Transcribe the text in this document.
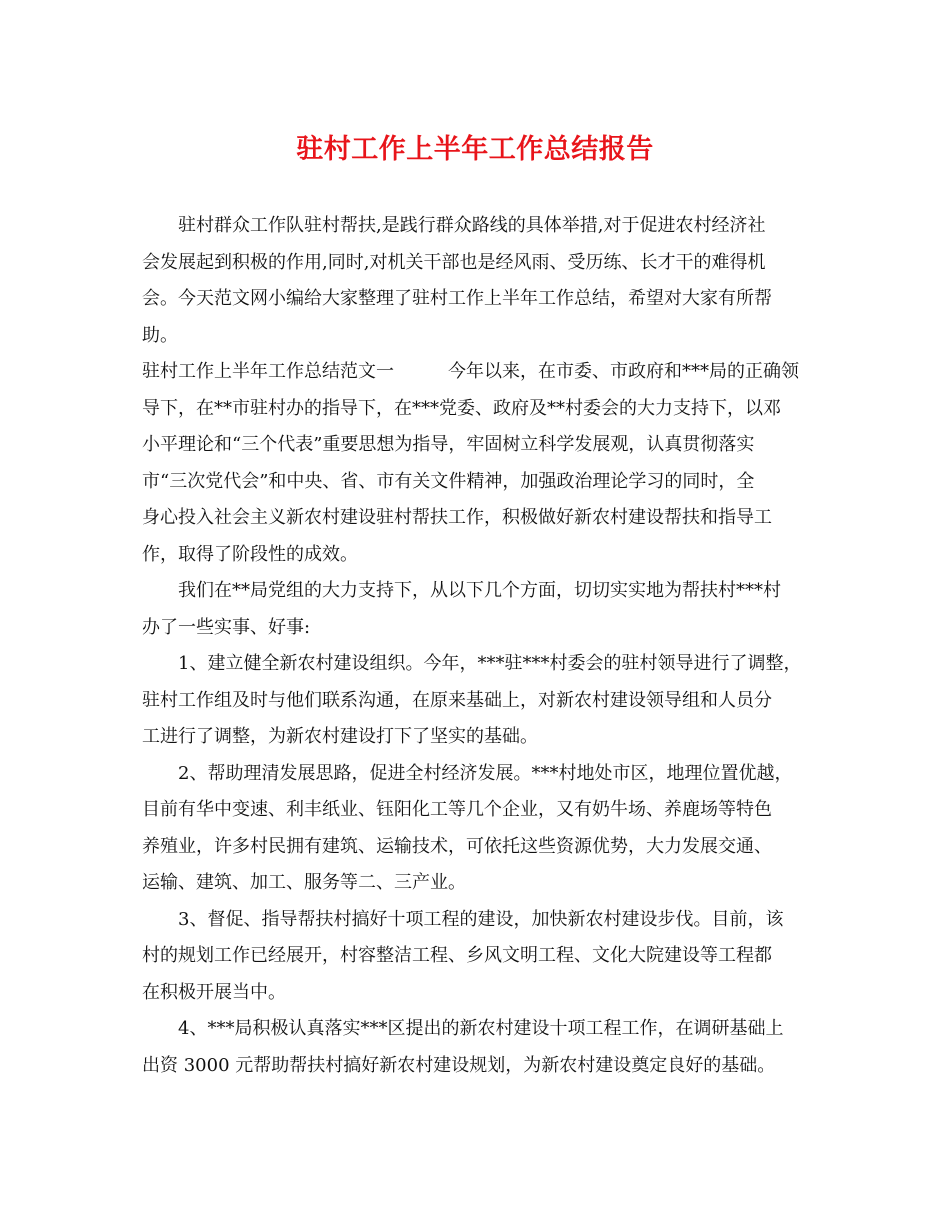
驻村工作上半年工作总结报告
驻村群众工作队驻村帮扶,是践行群众路线的具体举措,对于促进农村经济社
会发展起到积极的作用,同时,对机关干部也是经风雨、受历练、长才干的难得机
会。今天范文网小编给大家整理了驻村工作上半年工作总结，希望对大家有所帮
助。
驻村工作上半年工作总结范文一　　　今年以来，在市委、市政府和***局的正确领
导下，在**市驻村办的指导下，在***党委、政府及**村委会的大力支持下，以邓
小平理论和“三个代表”重要思想为指导，牢固树立科学发展观，认真贯彻落实
市“三次党代会”和中央、省、市有关文件精神，加强政治理论学习的同时，全
身心投入社会主义新农村建设驻村帮扶工作，积极做好新农村建设帮扶和指导工
作，取得了阶段性的成效。
我们在**局党组的大力支持下，从以下几个方面，切切实实地为帮扶村***村
办了一些实事、好事:
1、建立健全新农村建设组织。今年，***驻***村委会的驻村领导进行了调整，
驻村工作组及时与他们联系沟通，在原来基础上，对新农村建设领导组和人员分
工进行了调整，为新农村建设打下了坚实的基础。
2、帮助理清发展思路，促进全村经济发展。***村地处市区，地理位置优越，
目前有华中变速、利丰纸业、钰阳化工等几个企业，又有奶牛场、养鹿场等特色
养殖业，许多村民拥有建筑、运输技术，可依托这些资源优势，大力发展交通、
运输、建筑、加工、服务等二、三产业。
3、督促、指导帮扶村搞好十项工程的建设，加快新农村建设步伐。目前，该
村的规划工作已经展开，村容整洁工程、乡风文明工程、文化大院建设等工程都
在积极开展当中。
4、***局积极认真落实***区提出的新农村建设十项工程工作，在调研基础上
出资 3000 元帮助帮扶村搞好新农村建设规划，为新农村建设奠定良好的基础。
